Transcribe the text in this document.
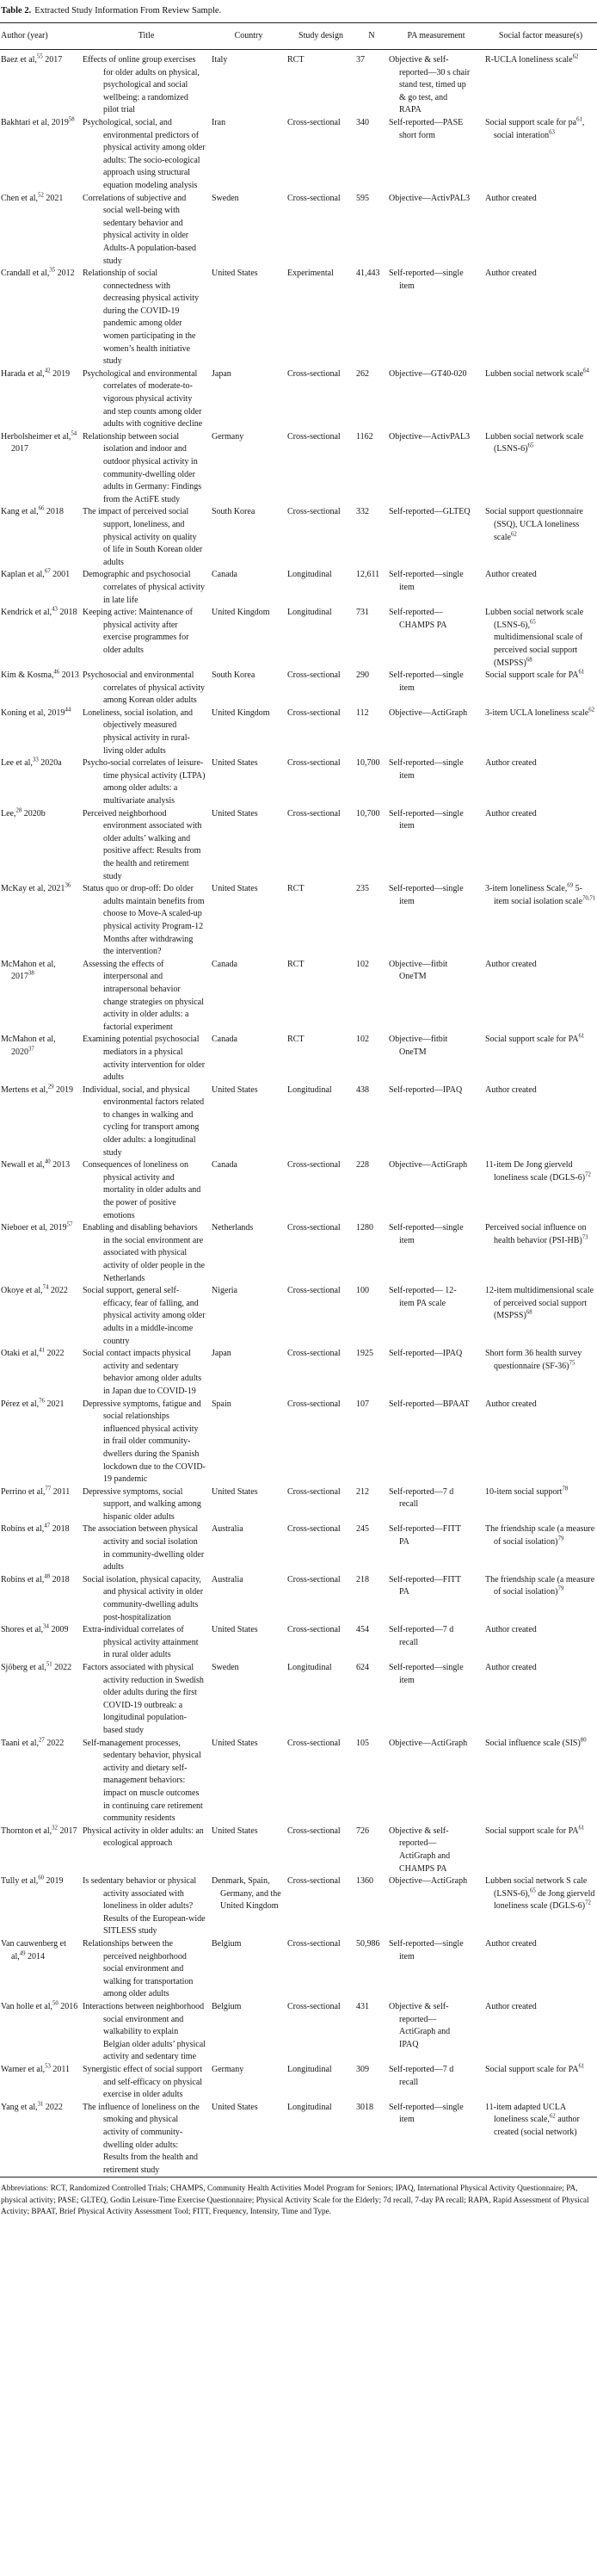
Table 2. Extracted Study Information From Review Sample.
Author (year)	Title	Country	Study design	N	PA measurement	Social factor measure(s)
Baez et al,$^{55}$ 2017	Effects of online group exercises for older adults on physical, psychological and social wellbeing: a randomized pilot trial	Italy	RCT	37	Objective & self-reported—30 s chair stand test, timed up & go test, and RAPA	R-UCLA loneliness scale$^{62}$
Bakhtari et al, 2019$^{58}$	Psychological, social, and environmental predictors of physical activity among older adults: The socio-ecological approach using structural equation modeling analysis	Iran	Cross-sectional	340	Self-reported—PASE short form	Social support scale for $pa^{61}$, social interation$^{63}$
Chen et al,$^{52}$ 2021	Correlations of subjective and social well-being with sedentary behavior and physical activity in older Adults-A population-based study	Sweden	Cross-sectional	595	Objective—ActivPAL3	Author created
Crandall et al,$^{35}$ 2012	Relationship of social connectedness with decreasing physical activity during the COVID-19 pandemic among older women participating in the women’s health initiative study	United States	Experimental	41,443	Self-reported—single item	Author created
Harada et al,$^{42}$ 2019	Psychological and environmental correlates of moderate-to-vigorous physical activity and step counts among older adults with cognitive decline	Japan	Cross-sectional	262	Objective—GT40-020	Lubben social network scale$^{64}$
Herbolsheimer et al,$^{54}$ 2017	Relationship between social isolation and indoor and outdoor physical activity in community-dwelling older adults in Germany: Findings from the ActiFE study	Germany	Cross-sectional	1162	Objective—ActivPAL3	Lubben social network scale (LSNS-6)$^{65}$
Kang et al,$^{66}$ 2018	The impact of perceived social support, loneliness, and physical activity on quality of life in South Korean older adults	South Korea	Cross-sectional	332	Self-reported—GLTEQ	Social support questionnaire (SSQ), UCLA loneliness scale$^{62}$
Kaplan et al,$^{67}$ 2001	Demographic and psychosocial correlates of physical activity in late life	Canada	Longitudinal	12,611	Self-reported—single item	Author created
Kendrick et al,$^{43}$ 2018	Keeping active: Maintenance of physical activity after exercise programmes for older adults	United Kingdom	Longitudinal	731	Self-reported—CHAMPS PA	Lubben social network scale (LSNS-6),$^{65}$ multidimensional scale of perceived social support (MSPSS)$^{68}$
Kim & Kosma,$^{46}$ 2013	Psychosocial and environmental correlates of physical activity among Korean older adults	South Korea	Cross-sectional	290	Self-reported—single item	Social support scale for PA$^{61}$
Koning et al, 2019$^{44}$	Loneliness, social isolation, and objectively measured physical activity in rural-living older adults	United Kingdom	Cross-sectional	112	Objective—ActiGraph	3-item UCLA loneliness scale$^{62}$
Lee et al,$^{33}$ 2020a	Psycho-social correlates of leisure-time physical activity (LTPA) among older adults: a multivariate analysis	United States	Cross-sectional	10,700	Self-reported—single item	Author created
Lee,$^{28}$ 2020b	Perceived neighborhood environment associated with older adults’ walking and positive affect: Results from the health and retirement study	United States	Cross-sectional	10,700	Self-reported—single item	Author created
McKay et al, 2021$^{36}$	Status quo or drop-off: Do older adults maintain benefits from choose to Move-A scaled-up physical activity Program-12 Months after withdrawing the intervention?	United States	RCT	235	Self-reported—single item	3-item loneliness Scale,$^{69}$ 5-item social isolation scale$^{70,71}$
McMahon et al, 2017$^{38}$	Assessing the effects of interpersonal and intrapersonal behavior change strategies on physical activity in older adults: a factorial experiment	Canada	RCT	102	Objective—fitbit OneTM	Author created
McMahon et al, 2020$^{37}$	Examining potential psychosocial mediators in a physical activity intervention for older adults	Canada	RCT	102	Objective—fitbit OneTM	Social support scale for PA$^{61}$
Mertens et al,$^{29}$ 2019	Individual, social, and physical environmental factors related to changes in walking and cycling for transport among older adults: a longitudinal study	United States	Longitudinal	438	Self-reported—IPAQ	Author created
Newall et al,$^{40}$ 2013	Consequences of loneliness on physical activity and mortality in older adults and the power of positive emotions	Canada	Cross-sectional	228	Objective—ActiGraph	11-item De Jong gierveld loneliness scale (DGLS-6)$^{72}$
Nieboer et al, 2019$^{57}$	Enabling and disabling behaviors in the social environment are associated with physical activity of older people in the Netherlands	Netherlands	Cross-sectional	1280	Self-reported—single item	Perceived social influence on health behavior $(PSI-HB)^{73}$
Okoye et al,$^{74}$ 2022	Social support, general self-efficacy, fear of falling, and physical activity among older adults in a middle-income country	Nigeria	Cross-sectional	100	Self-reported— 12-item PA scale	12-item multidimensional scale of perceived social support (MSPSS)$^{68}$
Otaki et al,$^{41}$ 2022	Social contact impacts physical activity and sedentary behavior among older adults in Japan due to COVID-19	Japan	Cross-sectional	1925	Self-reported—IPAQ	Short form 36 health survey questionnaire $(SF-36)^{75}$
Pérez et al,$^{76}$ 2021	Depressive symptoms, fatigue and social relationships influenced physical activity in frail older community-dwellers during the Spanish lockdown due to the COVID-19 pandemic	Spain	Cross-sectional	107	Self-reported—BPAAT	Author created
Perrino et al,$^{77}$ 2011	Depressive symptoms, social support, and walking among hispanic older adults	United States	Cross-sectional	212	Self-reported—7 d recall	10-item social support$^{78}$
Robins et al,$^{47}$ 2018	The association between physical activity and social isolation in community-dwelling older adults	Australia	Cross-sectional	245	Self-reported—FITT PA	The friendship scale (a measure of social isolation)$^{79}$
Robins et al,$^{48}$ 2018	Social isolation, physical capacity, and physical activity in older community-dwelling adults post-hospitalization	Australia	Cross-sectional	218	Self-reported—FITT PA	The friendship scale (a measure of social isolation)$^{79}$
Shores et al,$^{34}$ 2009	Extra-individual correlates of physical activity attainment in rural older adults	United States	Cross-sectional	454	Self-reported—7 d recall	Author created
Sjöberg et al,$^{51}$ 2022	Factors associated with physical activity reduction in Swedish older adults during the first COVID-19 outbreak: a longitudinal population-based study	Sweden	Longitudinal	624	Self-reported—single item	Author created
Taani et al,$^{27}$ 2022	Self-management processes, sedentary behavior, physical activity and dietary self-management behaviors: impact on muscle outcomes in continuing care retirement community residents	United States	Cross-sectional	105	Objective—ActiGraph	Social influence scale (SIS)$^{80}$
Thornton et al,$^{32}$ 2017	Physical activity in older adults: an ecological approach	United States	Cross-sectional	726	Objective & self-reported—ActiGraph and CHAMPS PA	Social support scale for PA$^{61}$
Tully et al,$^{60}$ 2019	Is sedentary behavior or physical activity associated with loneliness in older adults? Results of the European-wide SITLESS study	Denmark, Spain, Germany, and the United Kingdom	Cross-sectional	1360	Objective—ActiGraph	Lubben social network S cale (LSNS-6),$^{65}$ de Jong gierveld loneliness scale (DGLS-6)$^{72}$
Van cauwenberg et al,$^{49}$ 2014	Relationships between the perceived neighborhood social environment and walking for transportation among older adults	Belgium	Cross-sectional	50,986	Self-reported—single item	Author created
Van holle et al,$^{50}$ 2016	Interactions between neighborhood social environment and walkability to explain Belgian older adults’ physical activity and sedentary time	Belgium	Cross-sectional	431	Objective & self-reported—ActiGraph and IPAQ	Author created
Warner et al,$^{53}$ 2011	Synergistic effect of social support and self-efficacy on physical exercise in older adults	Germany	Longitudinal	309	Self-reported—7 d recall	Social support scale for PA$^{61}$
Yang et al,$^{31}$ 2022	The influence of loneliness on the smoking and physical activity of community-dwelling older adults: Results from the health and retirement study	United States	Longitudinal	3018	Self-reported—single item	11-item adapted UCLA loneliness scale,$^{62}$ author created (social network)
Abbreviations: RCT, Randomized Controlled Trials; CHAMPS, Community Health Activities Model Program for Seniors; IPAQ, International Physical Activity Questionnaire; PA, physical activity; PASE; GLTEQ, Godin Leisure-Time Exercise Questionnaire; Physical Activity Scale for the Elderly; 7d recall, 7-day PA recall; RAPA, Rapid Assessment of Physical Activity; BPAAT, Brief Physical Activity Assessment Tool; FITT, Frequency, Intensity, Time and Type.
